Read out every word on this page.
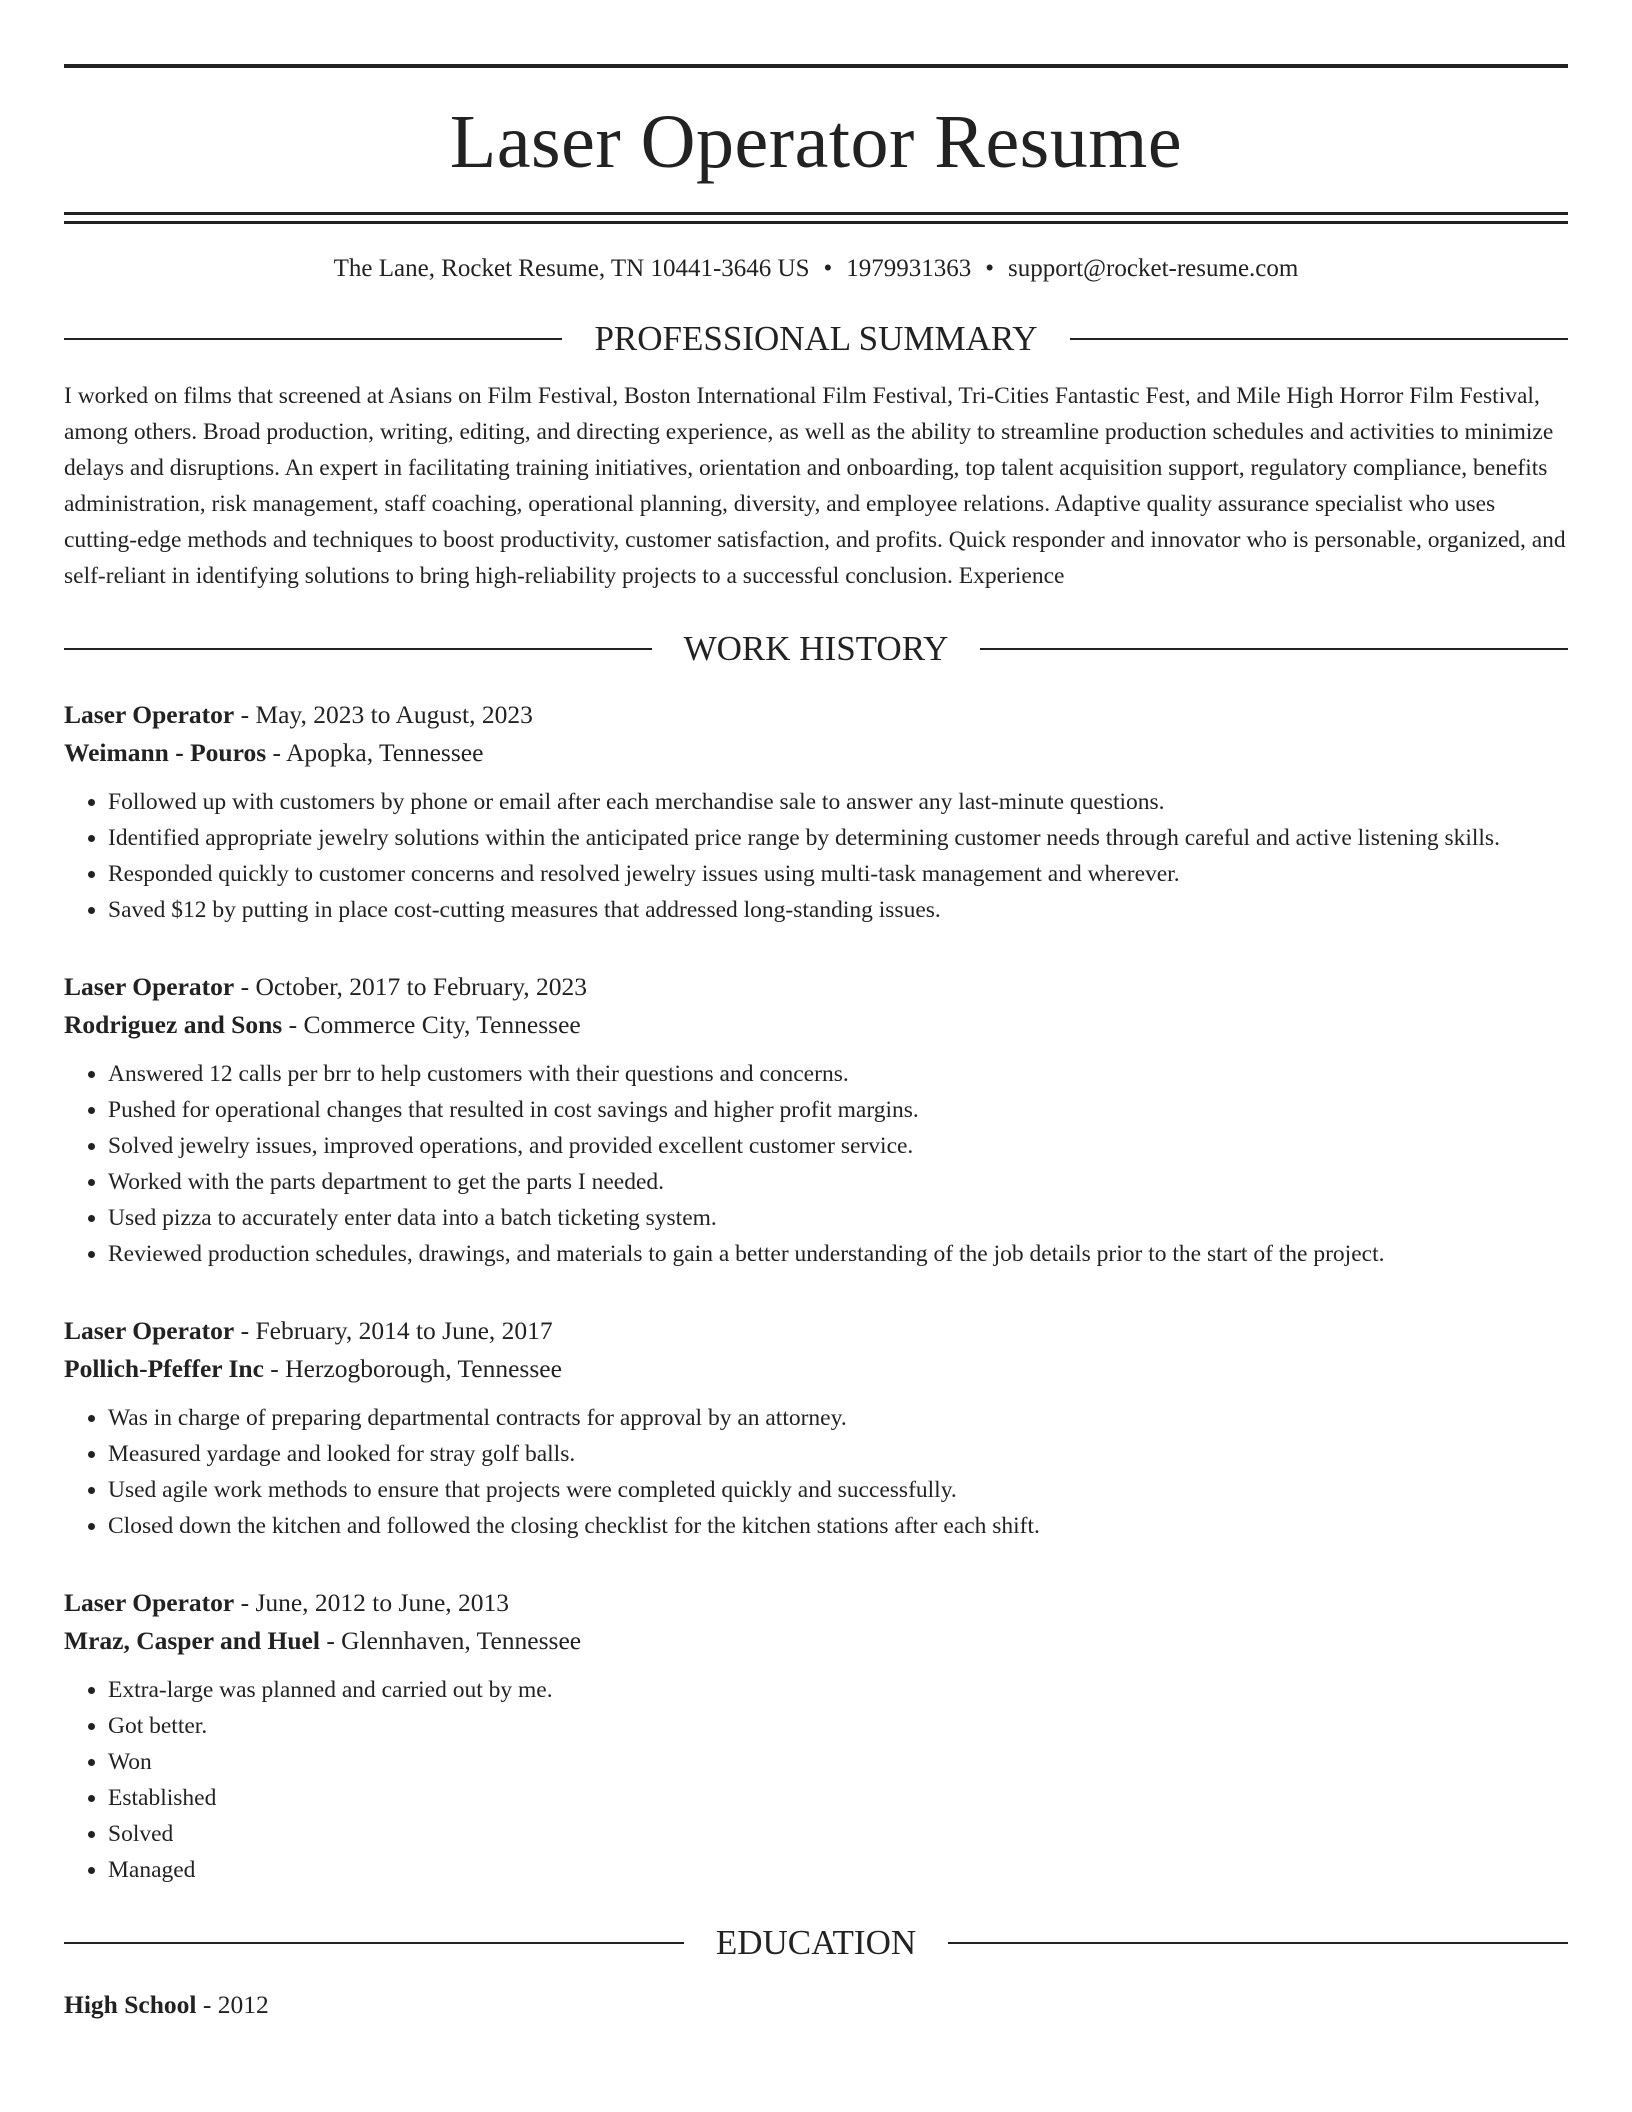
Laser Operator Resume
The Lane, Rocket Resume, TN 10441-3646 US • 1979931363 • support@rocket-resume.com
PROFESSIONAL SUMMARY
I worked on films that screened at Asians on Film Festival, Boston International Film Festival, Tri-Cities Fantastic Fest, and Mile High Horror Film Festival, among others. Broad production, writing, editing, and directing experience, as well as the ability to streamline production schedules and activities to minimize delays and disruptions. An expert in facilitating training initiatives, orientation and onboarding, top talent acquisition support, regulatory compliance, benefits administration, risk management, staff coaching, operational planning, diversity, and employee relations. Adaptive quality assurance specialist who uses cutting-edge methods and techniques to boost productivity, customer satisfaction, and profits. Quick responder and innovator who is personable, organized, and self-reliant in identifying solutions to bring high-reliability projects to a successful conclusion. Experience
WORK HISTORY
Laser Operator - May, 2023 to August, 2023
Weimann - Pouros - Apopka, Tennessee
• Followed up with customers by phone or email after each merchandise sale to answer any last-minute questions.
• Identified appropriate jewelry solutions within the anticipated price range by determining customer needs through careful and active listening skills.
• Responded quickly to customer concerns and resolved jewelry issues using multi-task management and wherever.
• Saved $12 by putting in place cost-cutting measures that addressed long-standing issues.
Laser Operator - October, 2017 to February, 2023
Rodriguez and Sons - Commerce City, Tennessee
• Answered 12 calls per brr to help customers with their questions and concerns.
• Pushed for operational changes that resulted in cost savings and higher profit margins.
• Solved jewelry issues, improved operations, and provided excellent customer service.
• Worked with the parts department to get the parts I needed.
• Used pizza to accurately enter data into a batch ticketing system.
• Reviewed production schedules, drawings, and materials to gain a better understanding of the job details prior to the start of the project.
Laser Operator - February, 2014 to June, 2017
Pollich-Pfeffer Inc - Herzogborough, Tennessee
• Was in charge of preparing departmental contracts for approval by an attorney.
• Measured yardage and looked for stray golf balls.
• Used agile work methods to ensure that projects were completed quickly and successfully.
• Closed down the kitchen and followed the closing checklist for the kitchen stations after each shift.
Laser Operator - June, 2012 to June, 2013
Mraz, Casper and Huel - Glennhaven, Tennessee
• Extra-large was planned and carried out by me.
• Got better.
• Won
• Established
• Solved
• Managed
EDUCATION
High School - 2012
